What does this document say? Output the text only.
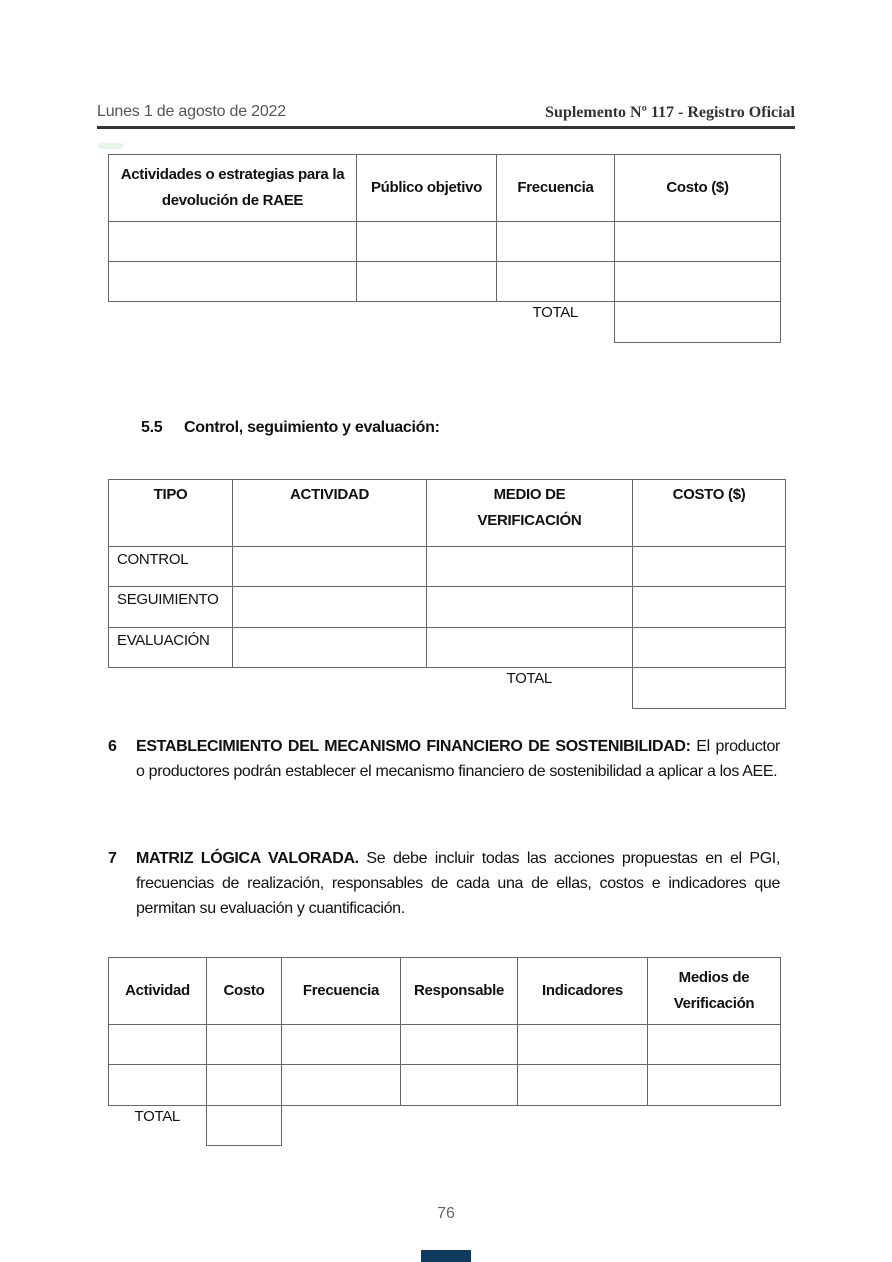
Lunes 1 de agosto de 2022	Suplemento Nº 117 - Registro Oficial
Actividades o estrategias para la devolución de RAEE	Público objetivo	Frecuencia	Costo ($)

		TOTAL	
5.5 Control, seguimiento y evaluación:
TIPO	ACTIVIDAD	MEDIO DE VERIFICACIÓN	COSTO ($)
CONTROL			
SEGUIMIENTO			
EVALUACIÓN			
		TOTAL	
6 ESTABLECIMIENTO DEL MECANISMO FINANCIERO DE SOSTENIBILIDAD: El productor o productores podrán establecer el mecanismo financiero de sostenibilidad a aplicar a los AEE.
7 MATRIZ LÓGICA VALORADA. Se debe incluir todas las acciones propuestas en el PGI, frecuencias de realización, responsables de cada una de ellas, costos e indicadores que permitan su evaluación y cuantificación.
Actividad	Costo	Frecuencia	Responsable	Indicadores	Medios de Verificación

TOTAL					
76
